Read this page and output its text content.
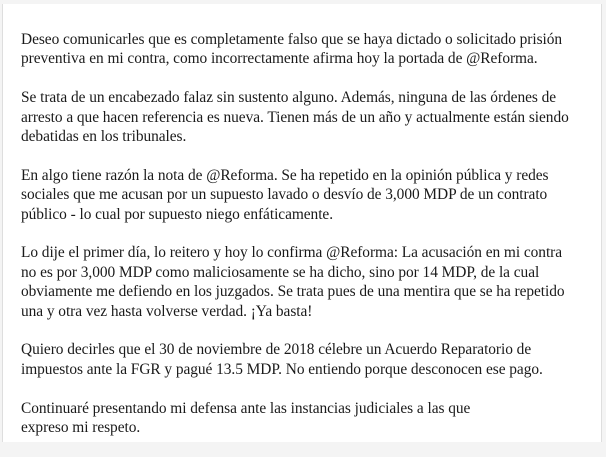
Deseo comunicarles que es completamente falso que se haya dictado o solicitado prisión
preventiva en mi contra, como incorrectamente afirma hoy la portada de @Reforma.

Se trata de un encabezado falaz sin sustento alguno. Además, ninguna de las órdenes de
arresto a que hacen referencia es nueva. Tienen más de un año y actualmente están siendo
debatidas en los tribunales.

En algo tiene razón la nota de @Reforma. Se ha repetido en la opinión pública y redes
sociales que me acusan por un supuesto lavado o desvío de 3,000 MDP de un contrato
público - lo cual por supuesto niego enfáticamente.

Lo dije el primer día, lo reitero y hoy lo confirma @Reforma: La acusación en mi contra
no es por 3,000 MDP como maliciosamente se ha dicho, sino por 14 MDP, de la cual
obviamente me defiendo en los juzgados. Se trata pues de una mentira que se ha repetido
una y otra vez hasta volverse verdad. ¡Ya basta!

Quiero decirles que el 30 de noviembre de 2018 célebre un Acuerdo Reparatorio de
impuestos ante la FGR y pagué 13.5 MDP. No entiendo porque desconocen ese pago.

Continuaré presentando mi defensa ante las instancias judiciales a las que
expreso mi respeto.
